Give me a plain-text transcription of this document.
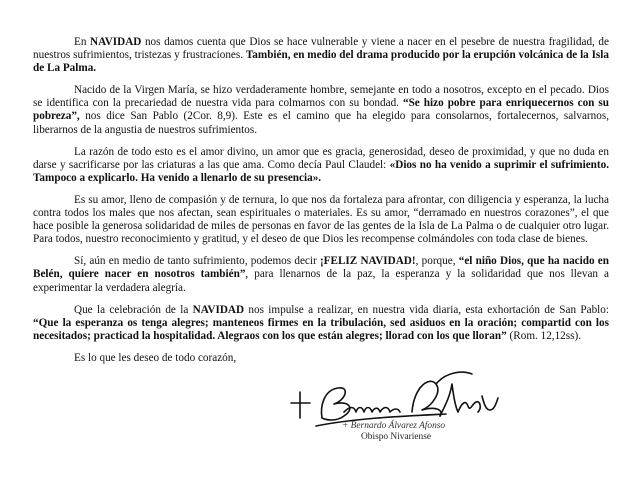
En NAVIDAD nos damos cuenta que Dios se hace vulnerable y viene a nacer en el pesebre de nuestra fragilidad, de nuestros sufrimientos, tristezas y frustraciones. También, en medio del drama producido por la erupción volcánica de la Isla de La Palma.

Nacido de la Virgen María, se hizo verdaderamente hombre, semejante en todo a nosotros, excepto en el pecado. Dios se identifica con la precariedad de nuestra vida para colmarnos con su bondad. “Se hizo pobre para enriquecernos con su pobreza”, nos dice San Pablo (2Cor. 8,9). Este es el camino que ha elegido para consolarnos, fortalecernos, salvarnos, liberarnos de la angustia de nuestros sufrimientos.

La razón de todo esto es el amor divino, un amor que es gracia, generosidad, deseo de proximidad, y que no duda en darse y sacrificarse por las criaturas a las que ama. Como decía Paul Claudel: «Dios no ha venido a suprimir el sufrimiento. Tampoco a explicarlo. Ha venido a llenarlo de su presencia».

Es su amor, lleno de compasión y de ternura, lo que nos da fortaleza para afrontar, con diligencia y esperanza, la lucha contra todos los males que nos afectan, sean espirituales o materiales. Es su amor, “derramado en nuestros corazones”, el que hace posible la generosa solidaridad de miles de personas en favor de las gentes de la Isla de La Palma o de cualquier otro lugar. Para todos, nuestro reconocimiento y gratitud, y el deseo de que Dios les recompense colmándoles con toda clase de bienes.

Sí, aún en medio de tanto sufrimiento, podemos decir ¡FELIZ NAVIDAD!, porque, “el niño Dios, que ha nacido en Belén, quiere nacer en nosotros también”, para llenarnos de la paz, la esperanza y la solidaridad que nos llevan a experimentar la verdadera alegría.

Que la celebración de la NAVIDAD nos impulse a realizar, en nuestra vida diaria, esta exhortación de San Pablo: “Que la esperanza os tenga alegres; manteneos firmes en la tribulación, sed asiduos en la oración; compartid con los necesitados; practicad la hospitalidad. Alegraos con los que están alegres; llorad con los que lloran” (Rom. 12,12ss).

Es lo que les deseo de todo corazón,

+ Bernardo Álvarez Afonso
Obispo Nivariense
